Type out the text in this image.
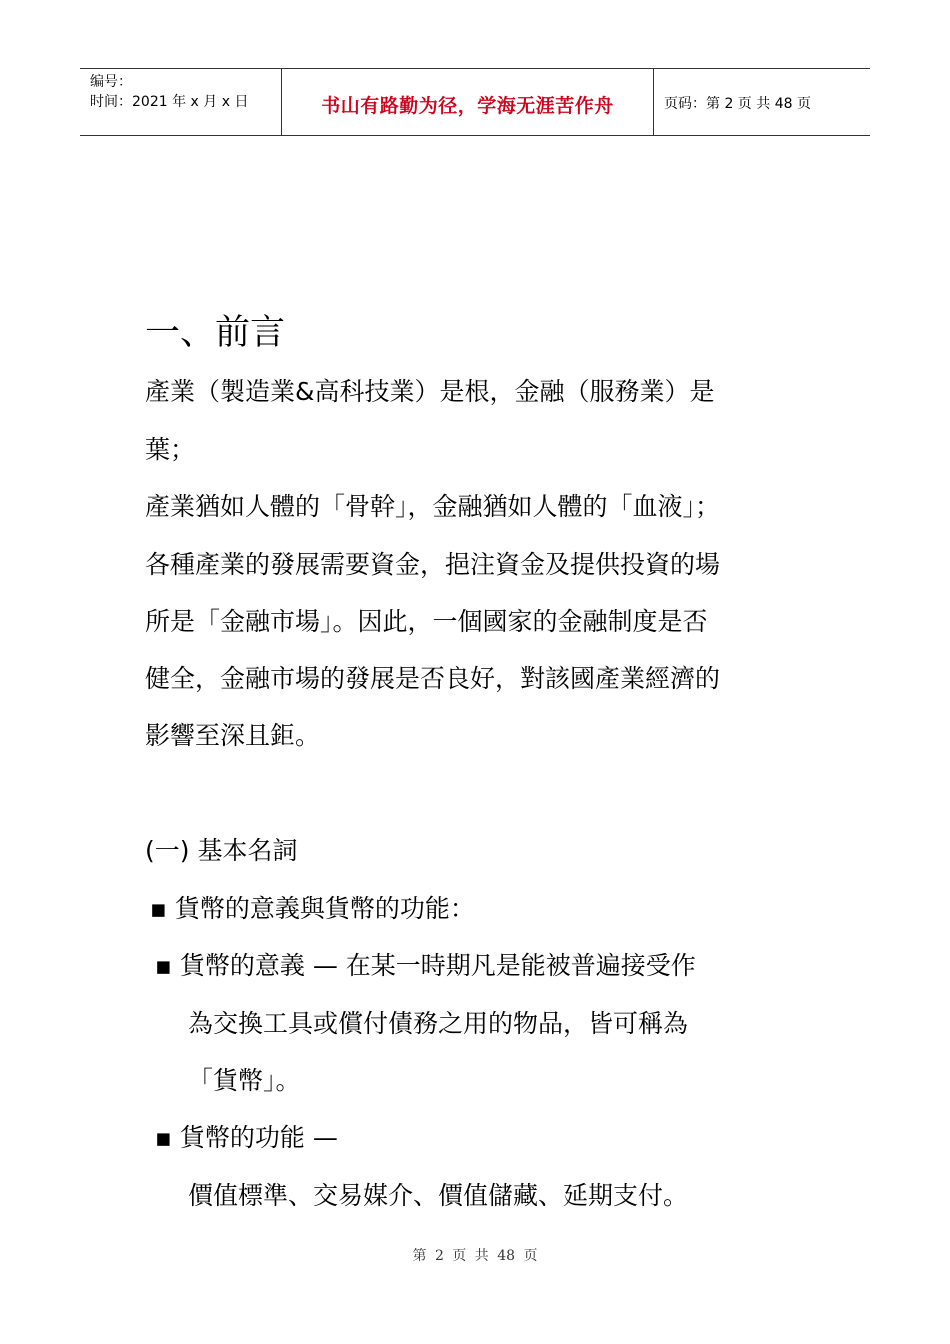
编号：
时间：2021 年 x 月 x 日	书山有路勤为径，学海无涯苦作舟	页码：第 2 页 共 48 页
一、前言

產業（製造業&高科技業）是根，金融（服務業）是

葉；

產業猶如人體的「骨幹」，金融猶如人體的「血液」；

各種產業的發展需要資金，挹注資金及提供投資的場

所是「金融市場」。因此，一個國家的金融制度是否

健全，金融市場的發展是否良好，對該國產業經濟的

影響至深且鉅。

(一) 基本名詞

▪ 貨幣的意義與貨幣的功能：

▪ 貨幣的意義 — 在某一時期凡是能被普遍接受作

為交換工具或償付債務之用的物品，皆可稱為

「貨幣」。

▪ 貨幣的功能 —

價值標準、交易媒介、價值儲藏、延期支付。

第 2 页 共 48 页
